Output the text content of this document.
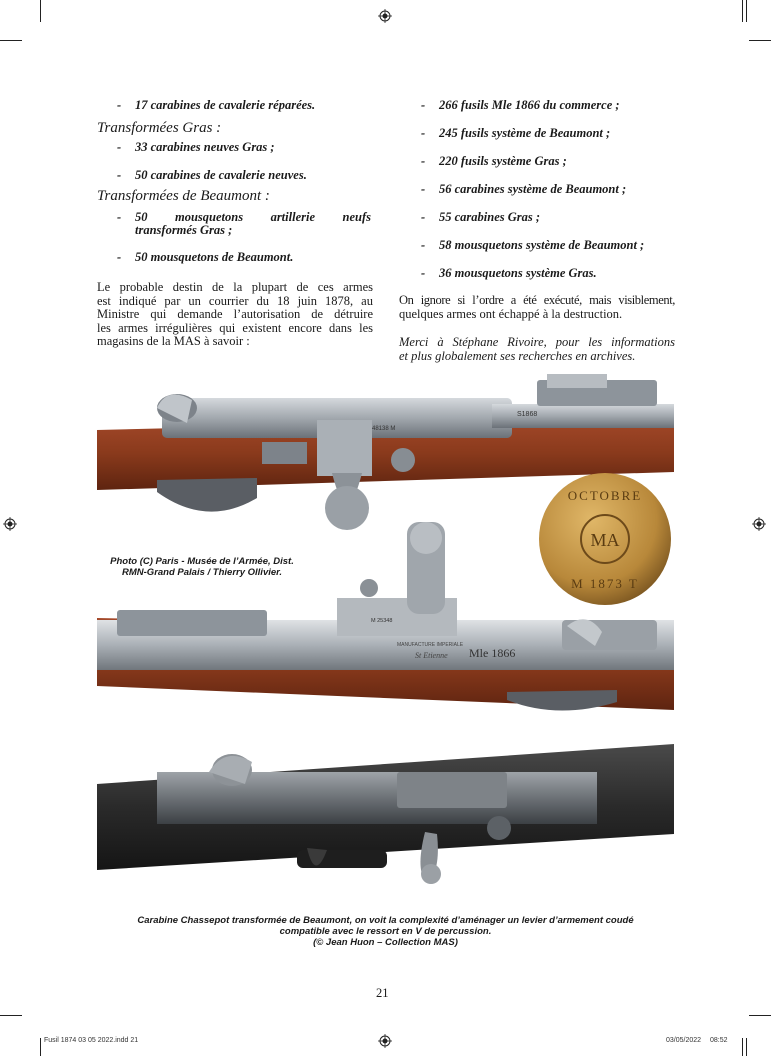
- 17 carabines de cavalerie réparées.
Transformées Gras :
- 33 carabines neuves Gras ;
- 50 carabines de cavalerie neuves.
Transformées de Beaumont :
- 50 mousquetons artillerie neufs
transformés Gras ;
- 50 mousquetons de Beaumont.
Le probable destin de la plupart de ces armes
est indiqué par un courrier du 18 juin 1878, au
Ministre qui demande l’autorisation de détruire
les armes irrégulières qui existent encore dans les
magasins de la MAS à savoir :
- 266 fusils Mle 1866 du commerce ;
- 245 fusils système de Beaumont ;
- 220 fusils système Gras ;
- 56 carabines système de Beaumont ;
- 55 carabines Gras ;
- 58 mousquetons système de Beaumont ;
- 36 mousquetons système Gras.
On ignore si l’ordre a été exécuté, mais visiblement,
quelques armes ont échappé à la destruction.
Merci à Stéphane Rivoire, pour les informations
et plus globalement ses recherches en archives.
48138 M
S1868
MA
OCTOBRE
M 1873 T
Photo (C) Paris - Musée de l’Armée, Dist.
RMN-Grand Palais / Thierry Ollivier.
M 25348
MANUFACTURE IMPERIALE
St Etienne Mle 1866
Carabine Chassepot transformée de Beaumont, on voit la complexité d’aménager un levier d’armement coudé
compatible avec le ressort en V de percussion.
(© Jean Huon – Collection MAS)
21
Fusil 1874 03 05 2022.indd 21	03/05/2022 08:52
